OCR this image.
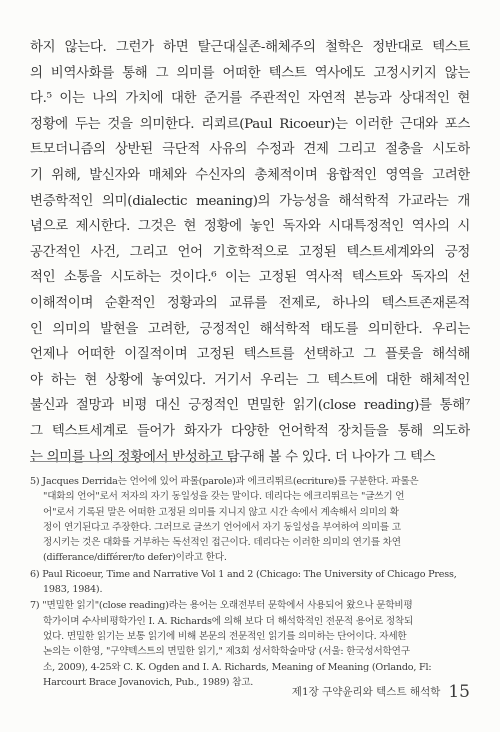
하지 않는다. 그런가 하면 탈근대실존-해체주의 철학은 정반대로 텍스트
의 비역사화를 통해 그 의미를 어떠한 텍스트 역사에도 고정시키지 않는
다.⁵ 이는 나의 가치에 대한 준거를 주관적인 자연적 본능과 상대적인 현
정황에 두는 것을 의미한다. 리쾨르(Paul Ricoeur)는 이러한 근대와 포스
트모더니즘의 상반된 극단적 사유의 수정과 견제 그리고 절충을 시도하
기 위해, 발신자와 매체와 수신자의 총체적이며 융합적인 영역을 고려한
변증학적인 의미(dialectic meaning)의 가능성을 해석학적 가교라는 개
념으로 제시한다. 그것은 현 정황에 놓인 독자와 시대특정적인 역사의 시
공간적인 사건, 그리고 언어 기호학적으로 고정된 텍스트세계와의 긍정
적인 소통을 시도하는 것이다.⁶ 이는 고정된 역사적 텍스트와 독자의 선
이해적이며 순환적인 정황과의 교류를 전제로, 하나의 텍스트존재론적
인 의미의 발현을 고려한, 긍정적인 해석학적 태도를 의미한다. 우리는
언제나 어떠한 이질적이며 고정된 텍스트를 선택하고 그 플롯을 해석해
야 하는 현 상황에 놓여있다. 거기서 우리는 그 텍스트에 대한 해체적인
불신과 절망과 비평 대신 긍정적인 면밀한 읽기(close reading)를 통해⁷
그 텍스트세계로 들어가 화자가 다양한 언어학적 장치들을 통해 의도하
는 의미를 나의 정황에서 반성하고 탐구해 볼 수 있다. 더 나아가 그 텍스
5) Jacques Derrida는 언어에 있어 파롤(parole)과 에크리뛰르(ecriture)를 구분한다. 파롤은
"대화의 언어"로서 저자의 자기 동일성을 갖는 말이다. 데리다는 에크리뛰르는 "글쓰기 언
어"로서 기록된 말은 어떠한 고정된 의미를 지니지 않고 시간 속에서 계속해서 의미의 확
정이 연기된다고 주장한다. 그러므로 글쓰기 언어에서 자기 동일성을 부여하여 의미를 고
정시키는 것은 대화를 거부하는 독선적인 접근이다. 데리다는 이러한 의미의 연기를 차연
(differance/différer/to defer)이라고 한다.
6) Paul Ricoeur, Time and Narrative Vol 1 and 2 (Chicago: The University of Chicago Press,
1983, 1984).
7) "면밀한 읽기"(close reading)라는 용어는 오래전부터 문학에서 사용되어 왔으나 문학비평
학가이며 수사비평학가인 I. A. Richards에 의해 보다 더 해석학적인 전문적 용어로 정착되
었다. 면밀한 읽기는 보통 읽기에 비해 본문의 전문적인 읽기를 의미하는 단어이다. 자세한
논의는 이한영, "구약텍스트의 면밀한 읽기," 제3회 성서학학술마당 (서울: 한국성서학연구
소, 2009), 4-25와 C. K. Ogden and I. A. Richards, Meaning of Meaning (Orlando, Fl:
Harcourt Brace Jovanovich, Pub., 1989) 참고.
제1장 구약윤리와 텍스트 해석학 15
